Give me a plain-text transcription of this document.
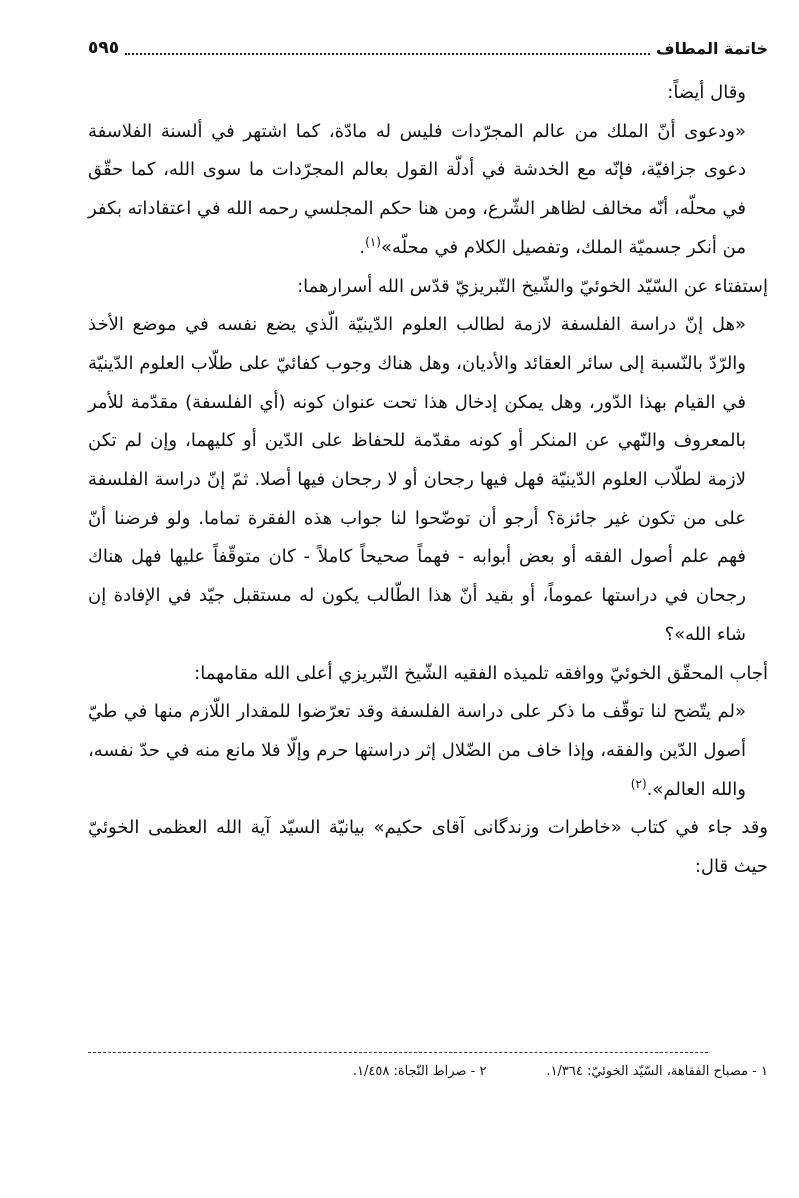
خاتمة المطاف
٥٩٥

وقال أيضاً:

«ودعوى أنّ الملك من عالم المجرّدات فليس له مادّة، كما اشتهر في ألسنة الفلاسفة دعوى جزافيّة، فإنّه مع الخدشة في أدلّة القول بعالم المجرّدات ما سوى الله، كما حقّق في محلّه، أنّه مخالف لظاهر الشّرع، ومن هنا حكم المجلسي رحمه الله في اعتقاداته بكفر من أنكر جسميّة الملك، وتفصيل الكلام في محلّه»$^{(١)}$.

إستفتاء عن السّيّد الخوئيّ والشّيخ التّبريزيّ قدّس الله أسرارهما:

«هل إنّ دراسة الفلسفة لازمة لطالب العلوم الدّينيّة الّذي يضع نفسه في موضع الأخذ والرّدّ بالنّسبة إلى سائر العقائد والأديان، وهل هناك وجوب كفائيّ على طلّاب العلوم الدّينيّة في القيام بهذا الدّور، وهل يمكن إدخال هذا تحت عنوان كونه (أي الفلسفة) مقدّمة للأمر بالمعروف والنّهي عن المنكر أو كونه مقدّمة للحفاظ على الدّين أو كليهما، وإن لم تكن لازمة لطلّاب العلوم الدّينيّة فهل فيها رجحان أو لا رجحان فيها أصلا. ثمّ إنّ دراسة الفلسفة على من تكون غير جائزة؟ أرجو أن توضّحوا لنا جواب هذه الفقرة تماما. ولو فرضنا أنّ فهم علم أصول الفقه أو بعض أبوابه - فهماً صحيحاً كاملاً - كان متوقّفاً عليها فهل هناك رجحان في دراستها عموماً، أو بقيد أنّ هذا الطّالب يكون له مستقبل جيّد في الإفادة إن شاء الله»؟

أجاب المحقّق الخوئيّ ووافقه تلميذه الفقيه الشّيخ التّبريزي أعلى الله مقامهما:

«لم يتّضح لنا توقّف ما ذكر على دراسة الفلسفة وقد تعرّضوا للمقدار اللّازم منها في طيّ أصول الدّين والفقه، وإذا خاف من الضّلال إثر دراستها حرم وإلّا فلا مانع منه في حدّ نفسه، والله العالم».$^{(٢)}$

وقد جاء في كتاب «خاطرات وزندگانى آقاى حكيم» بيانيّة السيّد آية الله العظمى الخوئيّ حيث قال:

١ - مصباح الفقاهة، السّيّد الخوئيّ: ١/٣٦٤.
٢ - صراط النّجاة: ١/٤٥٨.
